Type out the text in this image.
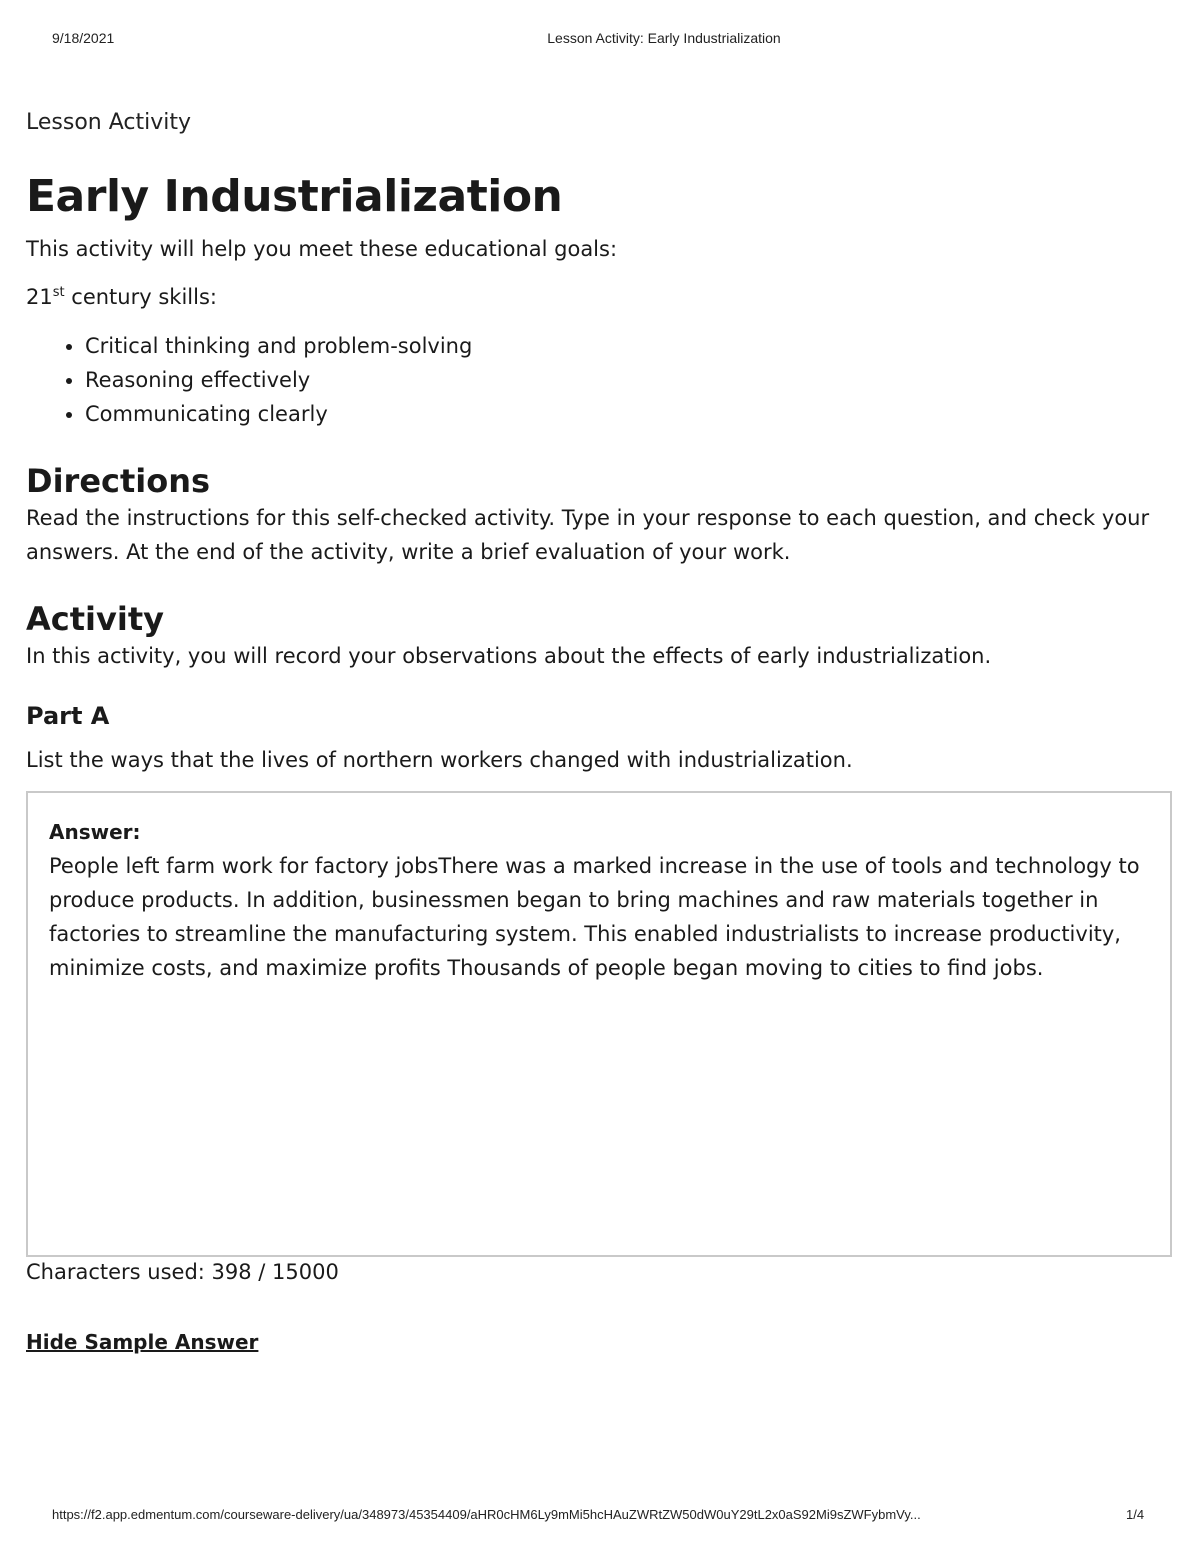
9/18/2021	Lesson Activity: Early Industrialization

Lesson Activity

Early Industrialization

This activity will help you meet these educational goals:

21st century skills:

• Critical thinking and problem-solving
• Reasoning effectively
• Communicating clearly
Directions

Read the instructions for this self-checked activity. Type in your response to each question, and check your answers. At the end of the activity, write a brief evaluation of your work.

Activity

In this activity, you will record your observations about the effects of early industrialization.

Part A

List the ways that the lives of northern workers changed with industrialization.

Answer:
People left farm work for factory jobsThere was a marked increase in the use of tools and technology to produce products. In addition, businessmen began to bring machines and raw materials together in factories to streamline the manufacturing system. This enabled industrialists to increase productivity, minimize costs, and maximize profits Thousands of people began moving to cities to find jobs.

Characters used: 398 / 15000

Hide Sample Answer
https://f2.app.edmentum.com/courseware-delivery/ua/348973/45354409/aHR0cHM6Ly9mMi5hcHAuZWRtZW50dW0uY29tL2x0aS92Mi9sZWFybmVy...	1/4
